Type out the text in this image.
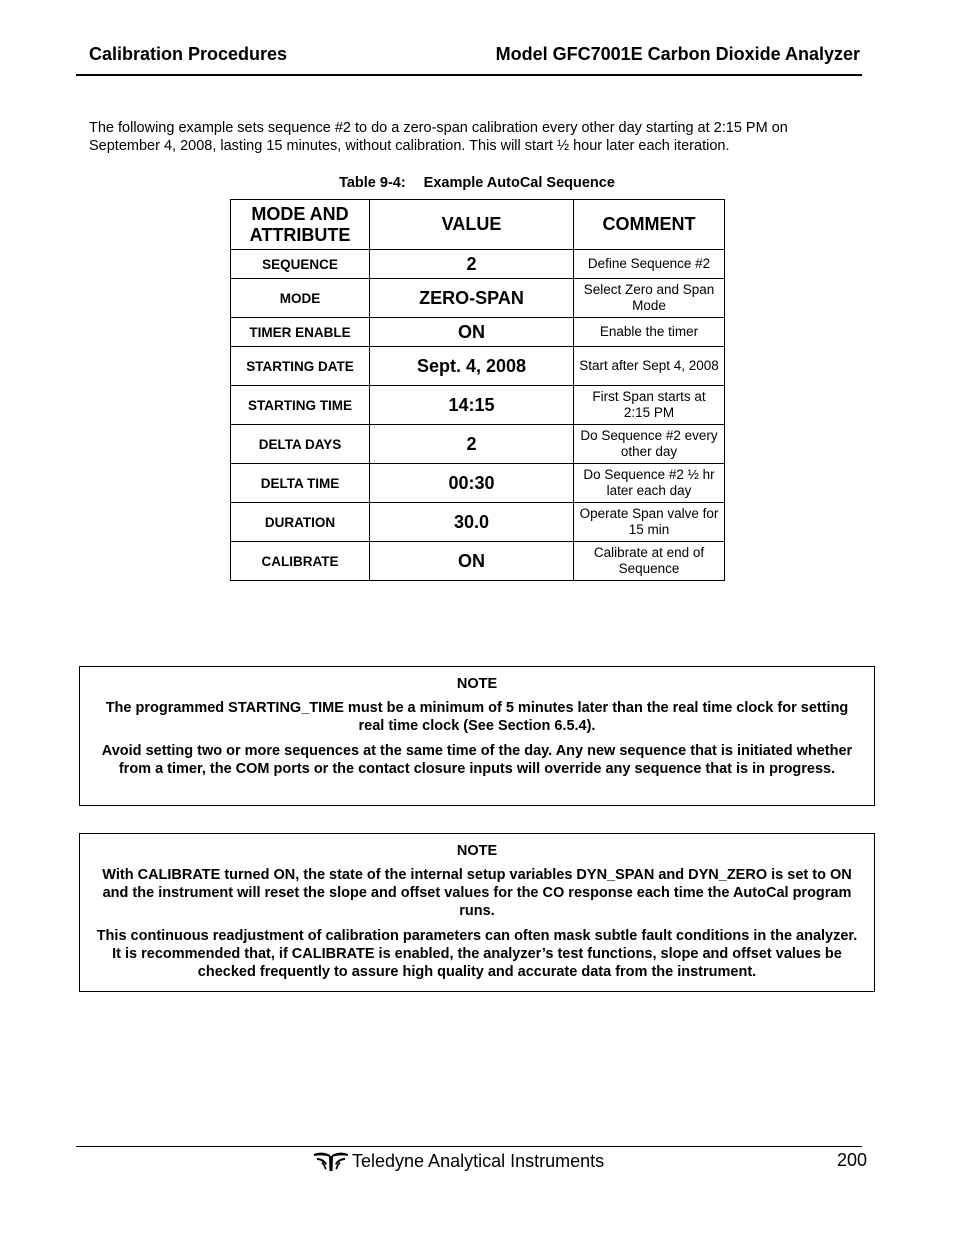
Calibration Procedures	Model GFC7001E Carbon Dioxide Analyzer
The following example sets sequence #2 to do a zero-span calibration every other day starting at 2:15 PM on September 4, 2008, lasting 15 minutes, without calibration. This will start ½ hour later each iteration.
Table 9-4: Example AutoCal Sequence
MODE AND ATTRIBUTE	VALUE	COMMENT
SEQUENCE	2	Define Sequence #2
MODE	ZERO-SPAN	Select Zero and Span Mode
TIMER ENABLE	ON	Enable the timer
STARTING DATE	Sept. 4, 2008	Start after Sept 4, 2008
STARTING TIME	14:15	First Span starts at 2:15 PM
DELTA DAYS	2	Do Sequence #2 every other day
DELTA TIME	00:30	Do Sequence #2 ½ hr later each day
DURATION	30.0	Operate Span valve for 15 min
CALIBRATE	ON	Calibrate at end of Sequence
NOTE

The programmed STARTING_TIME must be a minimum of 5 minutes later than the real time clock for setting real time clock (See Section 6.5.4).

Avoid setting two or more sequences at the same time of the day. Any new sequence that is initiated whether from a timer, the COM ports or the contact closure inputs will override any sequence that is in progress.

NOTE

With CALIBRATE turned ON, the state of the internal setup variables DYN_SPAN and DYN_ZERO is set to ON and the instrument will reset the slope and offset values for the CO response each time the AutoCal program runs.

This continuous readjustment of calibration parameters can often mask subtle fault conditions in the analyzer. It is recommended that, if CALIBRATE is enabled, the analyzer’s test functions, slope and offset values be checked frequently to assure high quality and accurate data from the instrument.

Teledyne Analytical Instruments	200
